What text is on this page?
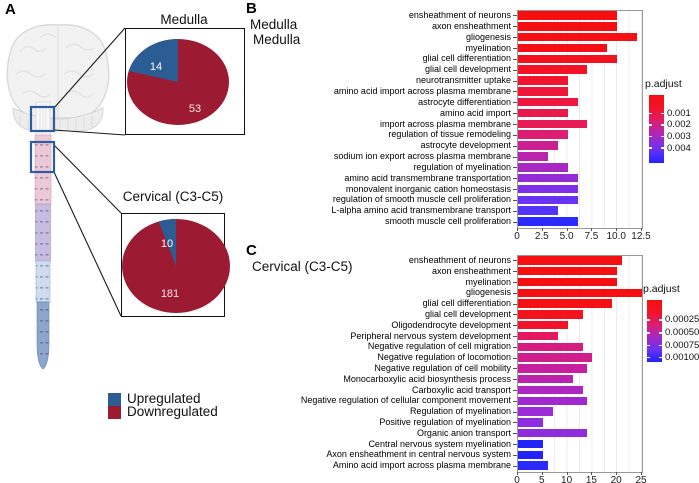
A
Medulla
14
53
Cervical (C3-C5)
10
181
Upregulated
Downregulated
B
Medulla
Medulla
ensheathment of neurons
axon ensheathment
gliogenesis
myelination
glial cell differentiation
glial cell development
neurotransmitter uptake
amino acid import across plasma membrane
astrocyte differentiation
amino acid import
import across plasma membrane
regulation of tissue remodeling
astrocyte development
sodium ion export across plasma membrane
regulation of myelination
amino acid transmembrane transportation
monovalent inorganic cation homeostasis
regulation of smooth muscle cell proliferation
L-alpha amino acid transmembrane transport
smooth muscle cell proliferation
0	2.5	5.0	7.5 10.0 12.5
p.adjust
0.001
0.002
0.003
0.004
C
Cervical (C3-C5)	ensheathment of neurons
axon ensheathment
myelination
gliogenesis
glial cell differentiation
glial cell development
Oligodendrocyte development
Peripheral nervous system development
Negative regulation of cell migration
Negative regulation of locomotion
Negative regulation of cell mobility
Monocarboxylic acid biosynthesis process
Carboxylic acid transport
Negative regulation of cellular component movement
Regulation of myelination
Positive regulation of myelination
Organic anion transport
Central nervous system myelination
Axon ensheathment in central nervous system
Amino acid import across plasma membrane
0	5	10	15	20	25
p.adjust
0.00025
0.00050
0.00075
0.00100
